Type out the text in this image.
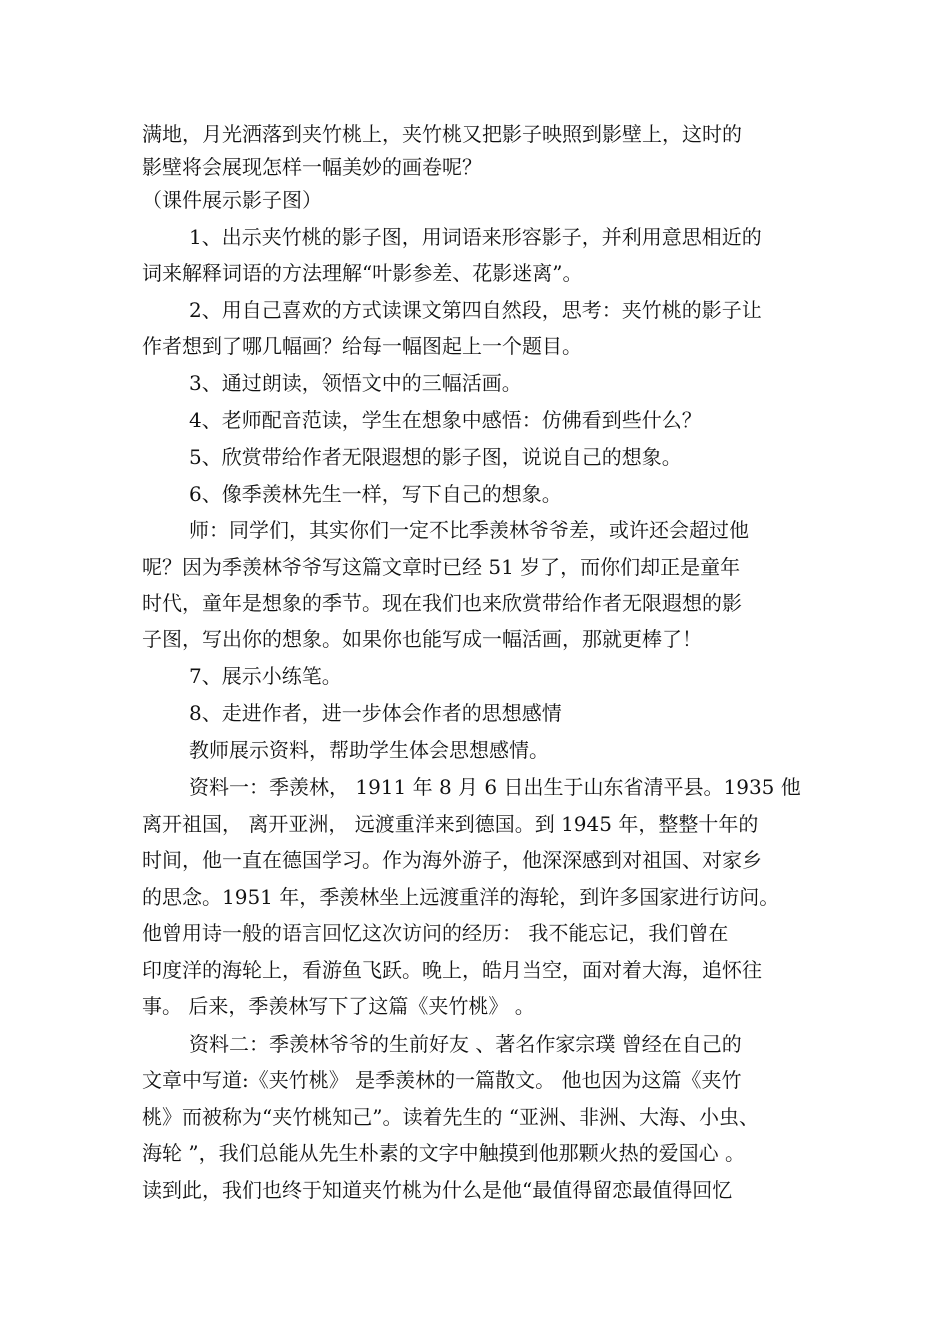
满地，月光洒落到夹竹桃上，夹竹桃又把影子映照到影壁上，这时的
影壁将会展现怎样一幅美妙的画卷呢？
（课件展示影子图）
1、出示夹竹桃的影子图，用词语来形容影子，并利用意思相近的
词来解释词语的方法理解“叶影参差、花影迷离”。
2、用自己喜欢的方式读课文第四自然段，思考：夹竹桃的影子让
作者想到了哪几幅画？给每一幅图起上一个题目。
3、通过朗读，领悟文中的三幅活画。
4、老师配音范读，学生在想象中感悟：仿佛看到些什么？
5、欣赏带给作者无限遐想的影子图，说说自己的想象。
6、像季羡林先生一样，写下自己的想象。
师：同学们，其实你们一定不比季羡林爷爷差，或许还会超过他
呢？因为季羡林爷爷写这篇文章时已经 51 岁了，而你们却正是童年
时代，童年是想象的季节。现在我们也来欣赏带给作者无限遐想的影
子图，写出你的想象。如果你也能写成一幅活画，那就更棒了！
7、展示小练笔。
8、走进作者，进一步体会作者的思想感情
教师展示资料，帮助学生体会思想感情。
资料一：季羡林， 1911 年 8 月 6 日出生于山东省清平县。1935 他
离开祖国， 离开亚洲， 远渡重洋来到德国。到 1945 年，整整十年的
时间，他一直在德国学习。作为海外游子，他深深感到对祖国、对家乡
的思念。1951 年，季羡林坐上远渡重洋的海轮，到许多国家进行访问。
他曾用诗一般的语言回忆这次访问的经历： 我不能忘记，我们曾在
印度洋的海轮上，看游鱼飞跃。晚上，皓月当空，面对着大海，追怀往
事。 后来，季羡林写下了这篇《夹竹桃》 。
资料二：季羡林爷爷的生前好友 、著名作家宗璞 曾经在自己的
文章中写道:《夹竹桃》 是季羡林的一篇散文。 他也因为这篇《夹竹
桃》而被称为“夹竹桃知己”。读着先生的 “亚洲、非洲、大海、小虫、
海轮 ”，我们总能从先生朴素的文字中触摸到他那颗火热的爱国心 。
读到此，我们也终于知道夹竹桃为什么是他“最值得留恋最值得回忆
